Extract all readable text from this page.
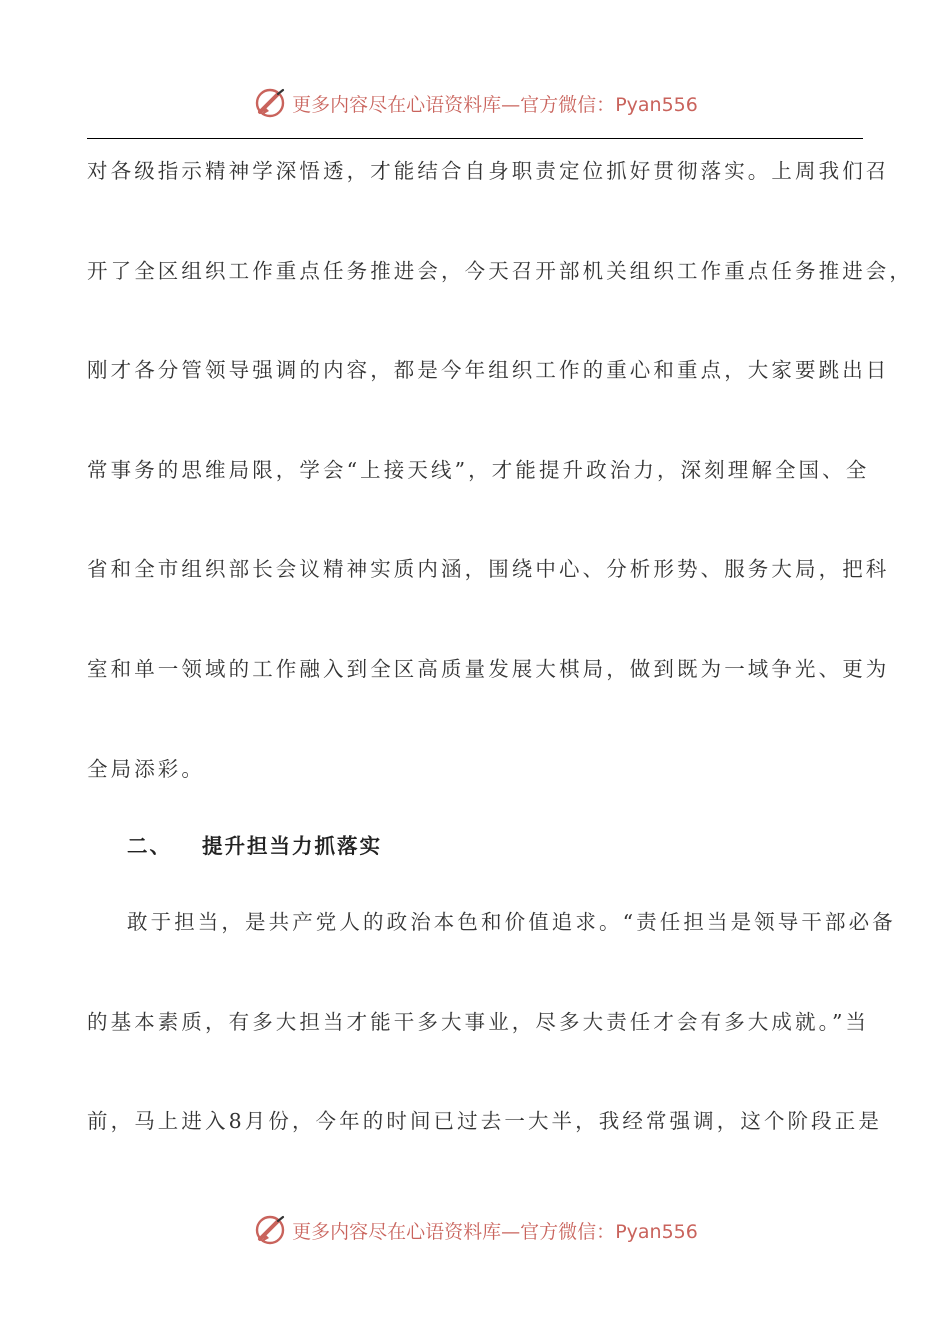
更多内容尽在心语资料库—官方微信：Pyan556
对各级指示精神学深悟透，才能结合自身职责定位抓好贯彻落实。上周我们召
开了全区组织工作重点任务推进会，今天召开部机关组织工作重点任务推进会，
刚才各分管领导强调的内容，都是今年组织工作的重心和重点，大家要跳出日
常事务的思维局限，学会“上接天线”，才能提升政治力，深刻理解全国、全
省和全市组织部长会议精神实质内涵，围绕中心、分析形势、服务大局，把科
室和单一领域的工作融入到全区高质量发展大棋局，做到既为一域争光、更为
全局添彩。
二、 提升担当力抓落实
敢于担当，是共产党人的政治本色和价值追求。“责任担当是领导干部必备
的基本素质，有多大担当才能干多大事业，尽多大责任才会有多大成就。”当
前，马上进入8月份，今年的时间已过去一大半，我经常强调，这个阶段正是
更多内容尽在心语资料库—官方微信：Pyan556
